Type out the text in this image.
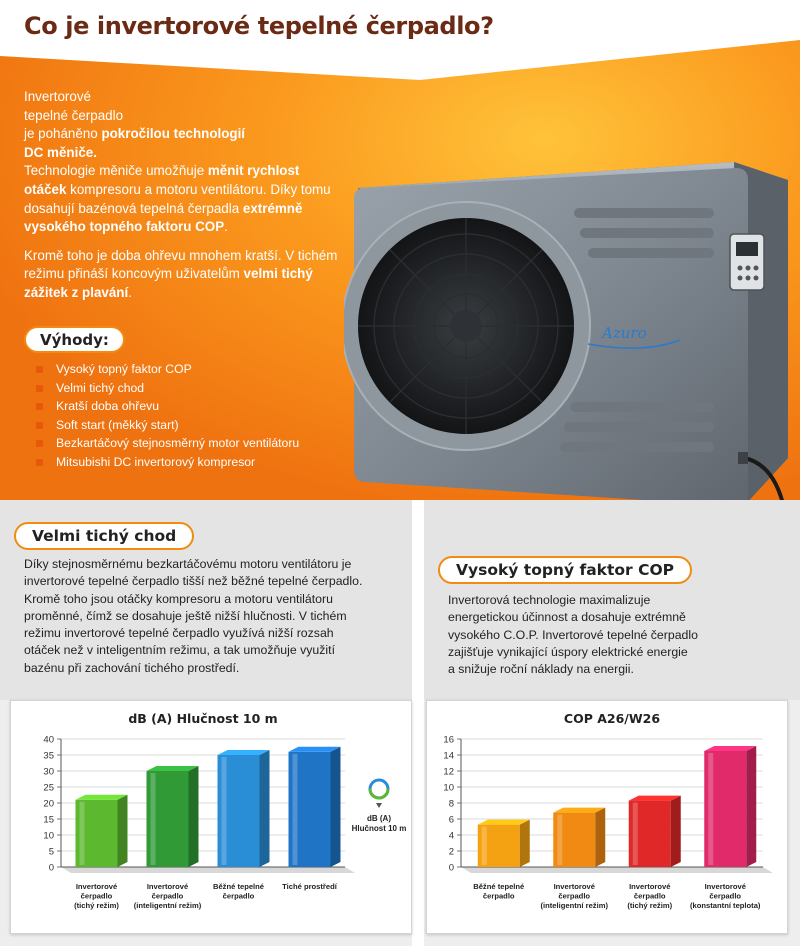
Co je invertorové tepelné čerpadlo?

Invertorové
tepelné čerpadlo
je poháněno pokročilou technologií
DC měniče.
Technologie měniče umožňuje měnit rychlost otáček kompresoru a motoru ventilátoru. Díky tomu dosahují bazénová tepelná čerpadla extrémně vysokého topného faktoru COP.

Kromě toho je doba ohřevu mnohem kratší. V tichém režimu přináší koncovým uživatelům velmi tichý zážitek z plavání.

Výhody:
Vysoký topný faktor COP
Velmi tichý chod
Kratší doba ohřevu
Soft start (měkký start)
Bezkartáčový stejnosměrný motor ventilátoru
Mitsubishi DC invertorový kompresor
Azuro
Velmi tichý chod
Díky stejnosměrnému bezkartáčovému motoru ventilátoru je
invertorové tepelné čerpadlo tišší než běžné tepelné čerpadlo.
Kromě toho jsou otáčky kompresoru a motoru ventilátoru
proměnné, čímž se dosahuje ještě nižší hlučnosti. V tichém
režimu invertorové tepelné čerpadlo využívá nižší rozsah
otáček než v inteligentním režimu, a tak umožňuje využití
bazénu při zachování tichého prostředí.
Vysoký topný faktor COP
Invertorová technologie maximalizuje
energetickou účinnost a dosahuje extrémně
vysokého C.O.P. Invertorové tepelné čerpadlo
zajišťuje vynikající úspory elektrické energie
a snižuje roční náklady na energii.
dB (A) Hlučnost 10 m
0
5
10
15
20
25
30
35
40
Invertorové
čerpadlo
(tichý režim)
Invertorové
čerpadlo
(inteligentní režim)
Běžné tepelné
čerpadlo
Tiché prostředí
dB (A)
Hlučnost 10 m
COP A26/W26
0
2
4
6
8
10
12
14
16
Běžné tepelné
čerpadlo
Invertorové
čerpadlo
(inteligentní režim)
Invertorové
čerpadlo
(tichý režim)
Invertorové
čerpadlo
(konstantní teplota)
